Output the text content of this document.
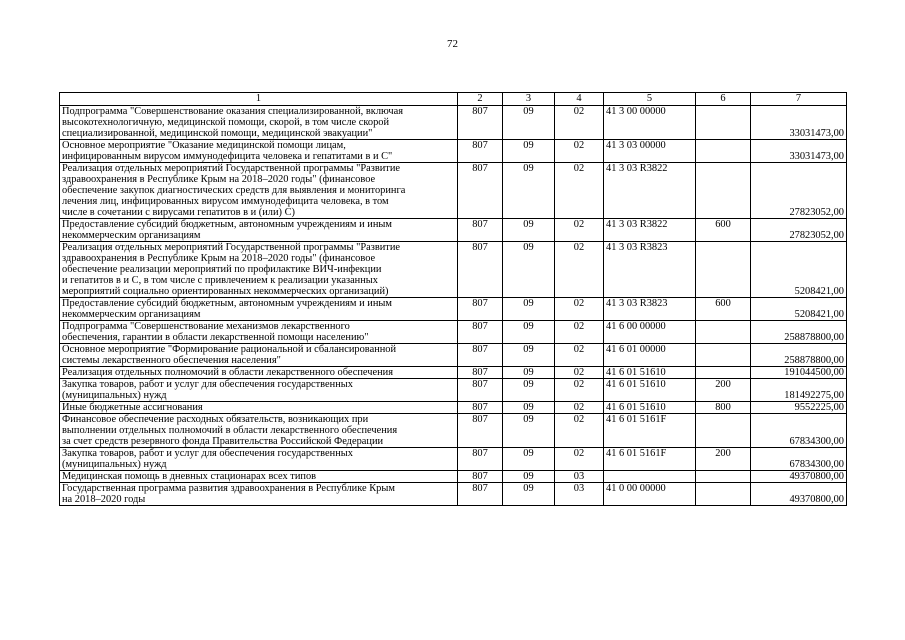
72
1	2	3	4	5	6	7

Подпрограмма "Совершенствование оказания специализированной, включая
высокотехнологичную, медицинской помощи, скорой, в том числе скорой
специализированной, медицинской помощи, медицинской эвакуации"	807	09	02	41 3 00 00000		33031473,00

Основное мероприятие "Оказание медицинской помощи лицам,
инфицированным вирусом иммунодефицита человека и гепатитами в и С"	807	09	02	41 3 03 00000		33031473,00

Реализация отдельных мероприятий Государственной программы "Развитие
здравоохранения в Республике Крым на 2018–2020 годы" (финансовое
обеспечение закупок диагностических средств для выявления и мониторинга
лечения лиц, инфицированных вирусом иммунодефицита человека, в том
числе в сочетании с вирусами гепатитов в и (или) С)	807	09	02	41 3 03 R3822		27823052,00

Предоставление субсидий бюджетным, автономным учреждениям и иным
некоммерческим организациям	807	09	02	41 3 03 R3822	600	27823052,00

Реализация отдельных мероприятий Государственной программы "Развитие
здравоохранения в Республике Крым на 2018–2020 годы" (финансовое
обеспечение реализации мероприятий по профилактике ВИЧ-инфекции
и гепатитов в и С, в том числе с привлечением к реализации указанных
мероприятий социально ориентированных некоммерческих организаций)	807	09	02	41 3 03 R3823		5208421,00

Предоставление субсидий бюджетным, автономным учреждениям и иным
некоммерческим организациям	807	09	02	41 3 03 R3823	600	5208421,00

Подпрограмма "Совершенствование механизмов лекарственного
обеспечения, гарантии в области лекарственной помощи населению"	807	09	02	41 6 00 00000		258878800,00

Основное мероприятие "Формирование рациональной и сбалансированной
системы лекарственного обеспечения населения"	807	09	02	41 6 01 00000		258878800,00

Реализация отдельных полномочий в области лекарственного обеспечения	807	09	02	41 6 01 51610		191044500,00

Закупка товаров, работ и услуг для обеспечения государственных
(муниципальных) нужд	807	09	02	41 6 01 51610	200	181492275,00

Иные бюджетные ассигнования	807	09	02	41 6 01 51610	800	9552225,00

Финансовое обеспечение расходных обязательств, возникающих при
выполнении отдельных полномочий в области лекарственного обеспечения
за счет средств резервного фонда Правительства Российской Федерации	807	09	02	41 6 01 5161F		67834300,00

Закупка товаров, работ и услуг для обеспечения государственных
(муниципальных) нужд	807	09	02	41 6 01 5161F	200	67834300,00

Медицинская помощь в дневных стационарах всех типов	807	09	03			49370800,00

Государственная программа развития здравоохранения в Республике Крым
на 2018–2020 годы	807	09	03	41 0 00 00000		49370800,00
